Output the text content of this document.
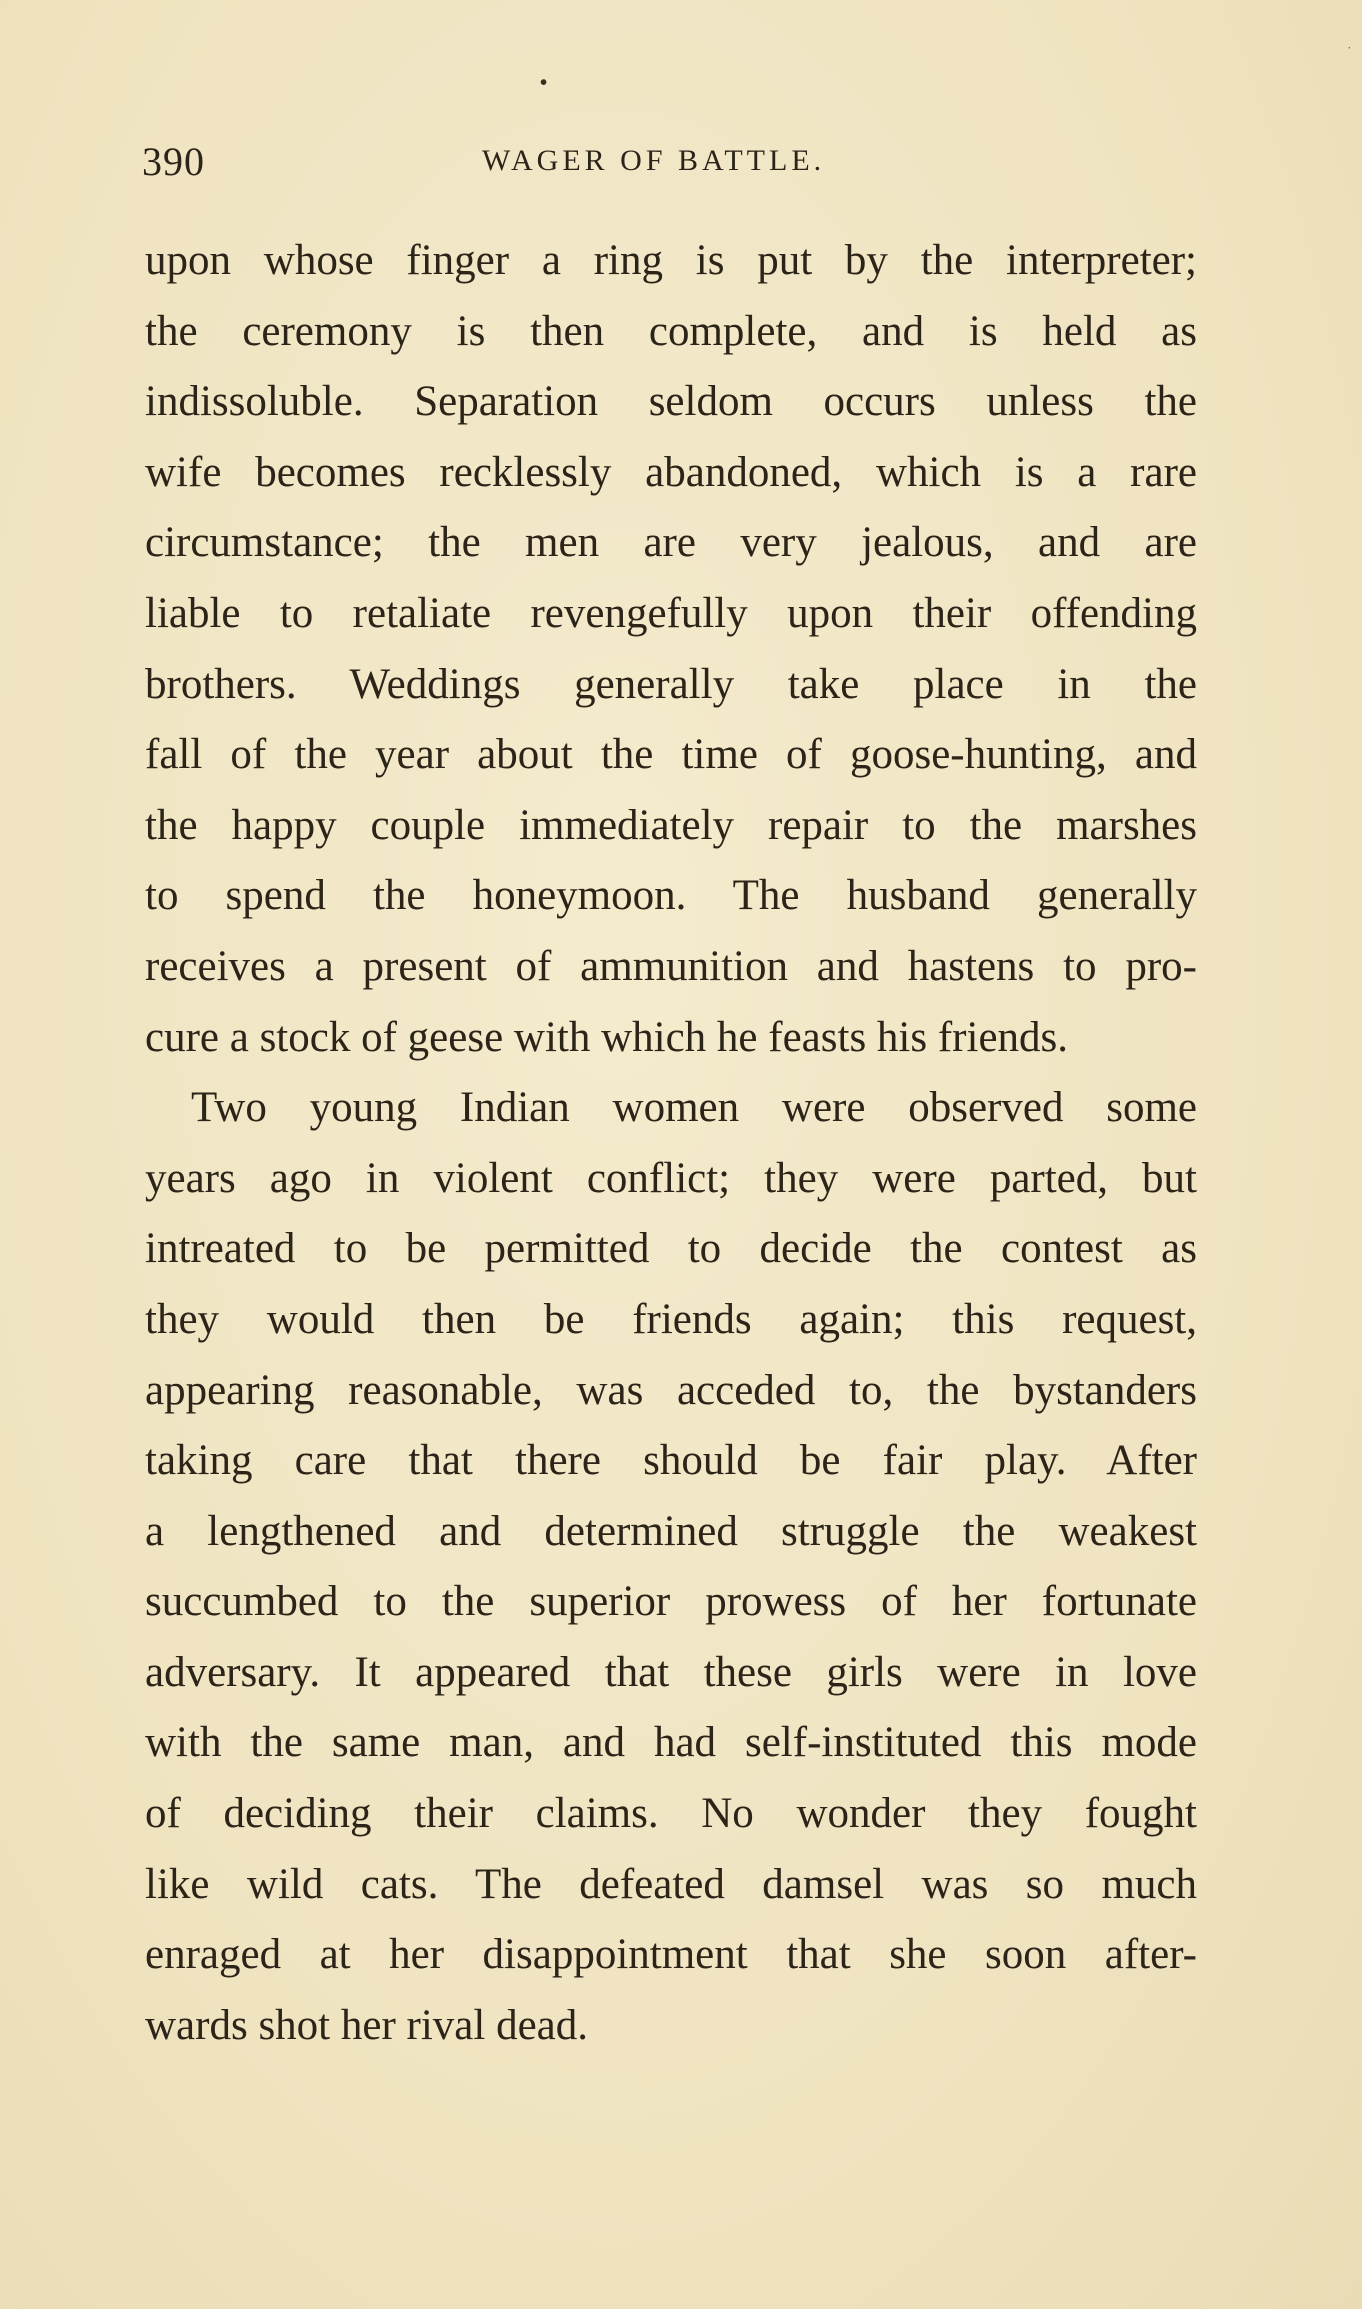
•
˙
390	WAGER OF BATTLE.
upon whose finger a ring is put by the interpreter;
the ceremony is then complete, and is held as
indissoluble. Separation seldom occurs unless the
wife becomes recklessly abandoned, which is a rare
circumstance; the men are very jealous, and are
liable to retaliate revengefully upon their offending
brothers. Weddings generally take place in the
fall of the year about the time of goose-hunting, and
the happy couple immediately repair to the marshes
to spend the honeymoon. The husband generally
receives a present of ammunition and hastens to pro-
cure a stock of geese with which he feasts his friends.
Two young Indian women were observed some
years ago in violent conflict; they were parted, but
intreated to be permitted to decide the contest as
they would then be friends again; this request,
appearing reasonable, was acceded to, the bystanders
taking care that there should be fair play. After
a lengthened and determined struggle the weakest
succumbed to the superior prowess of her fortunate
adversary. It appeared that these girls were in love
with the same man, and had self-instituted this mode
of deciding their claims. No wonder they fought
like wild cats. The defeated damsel was so much
enraged at her disappointment that she soon after-
wards shot her rival dead.
